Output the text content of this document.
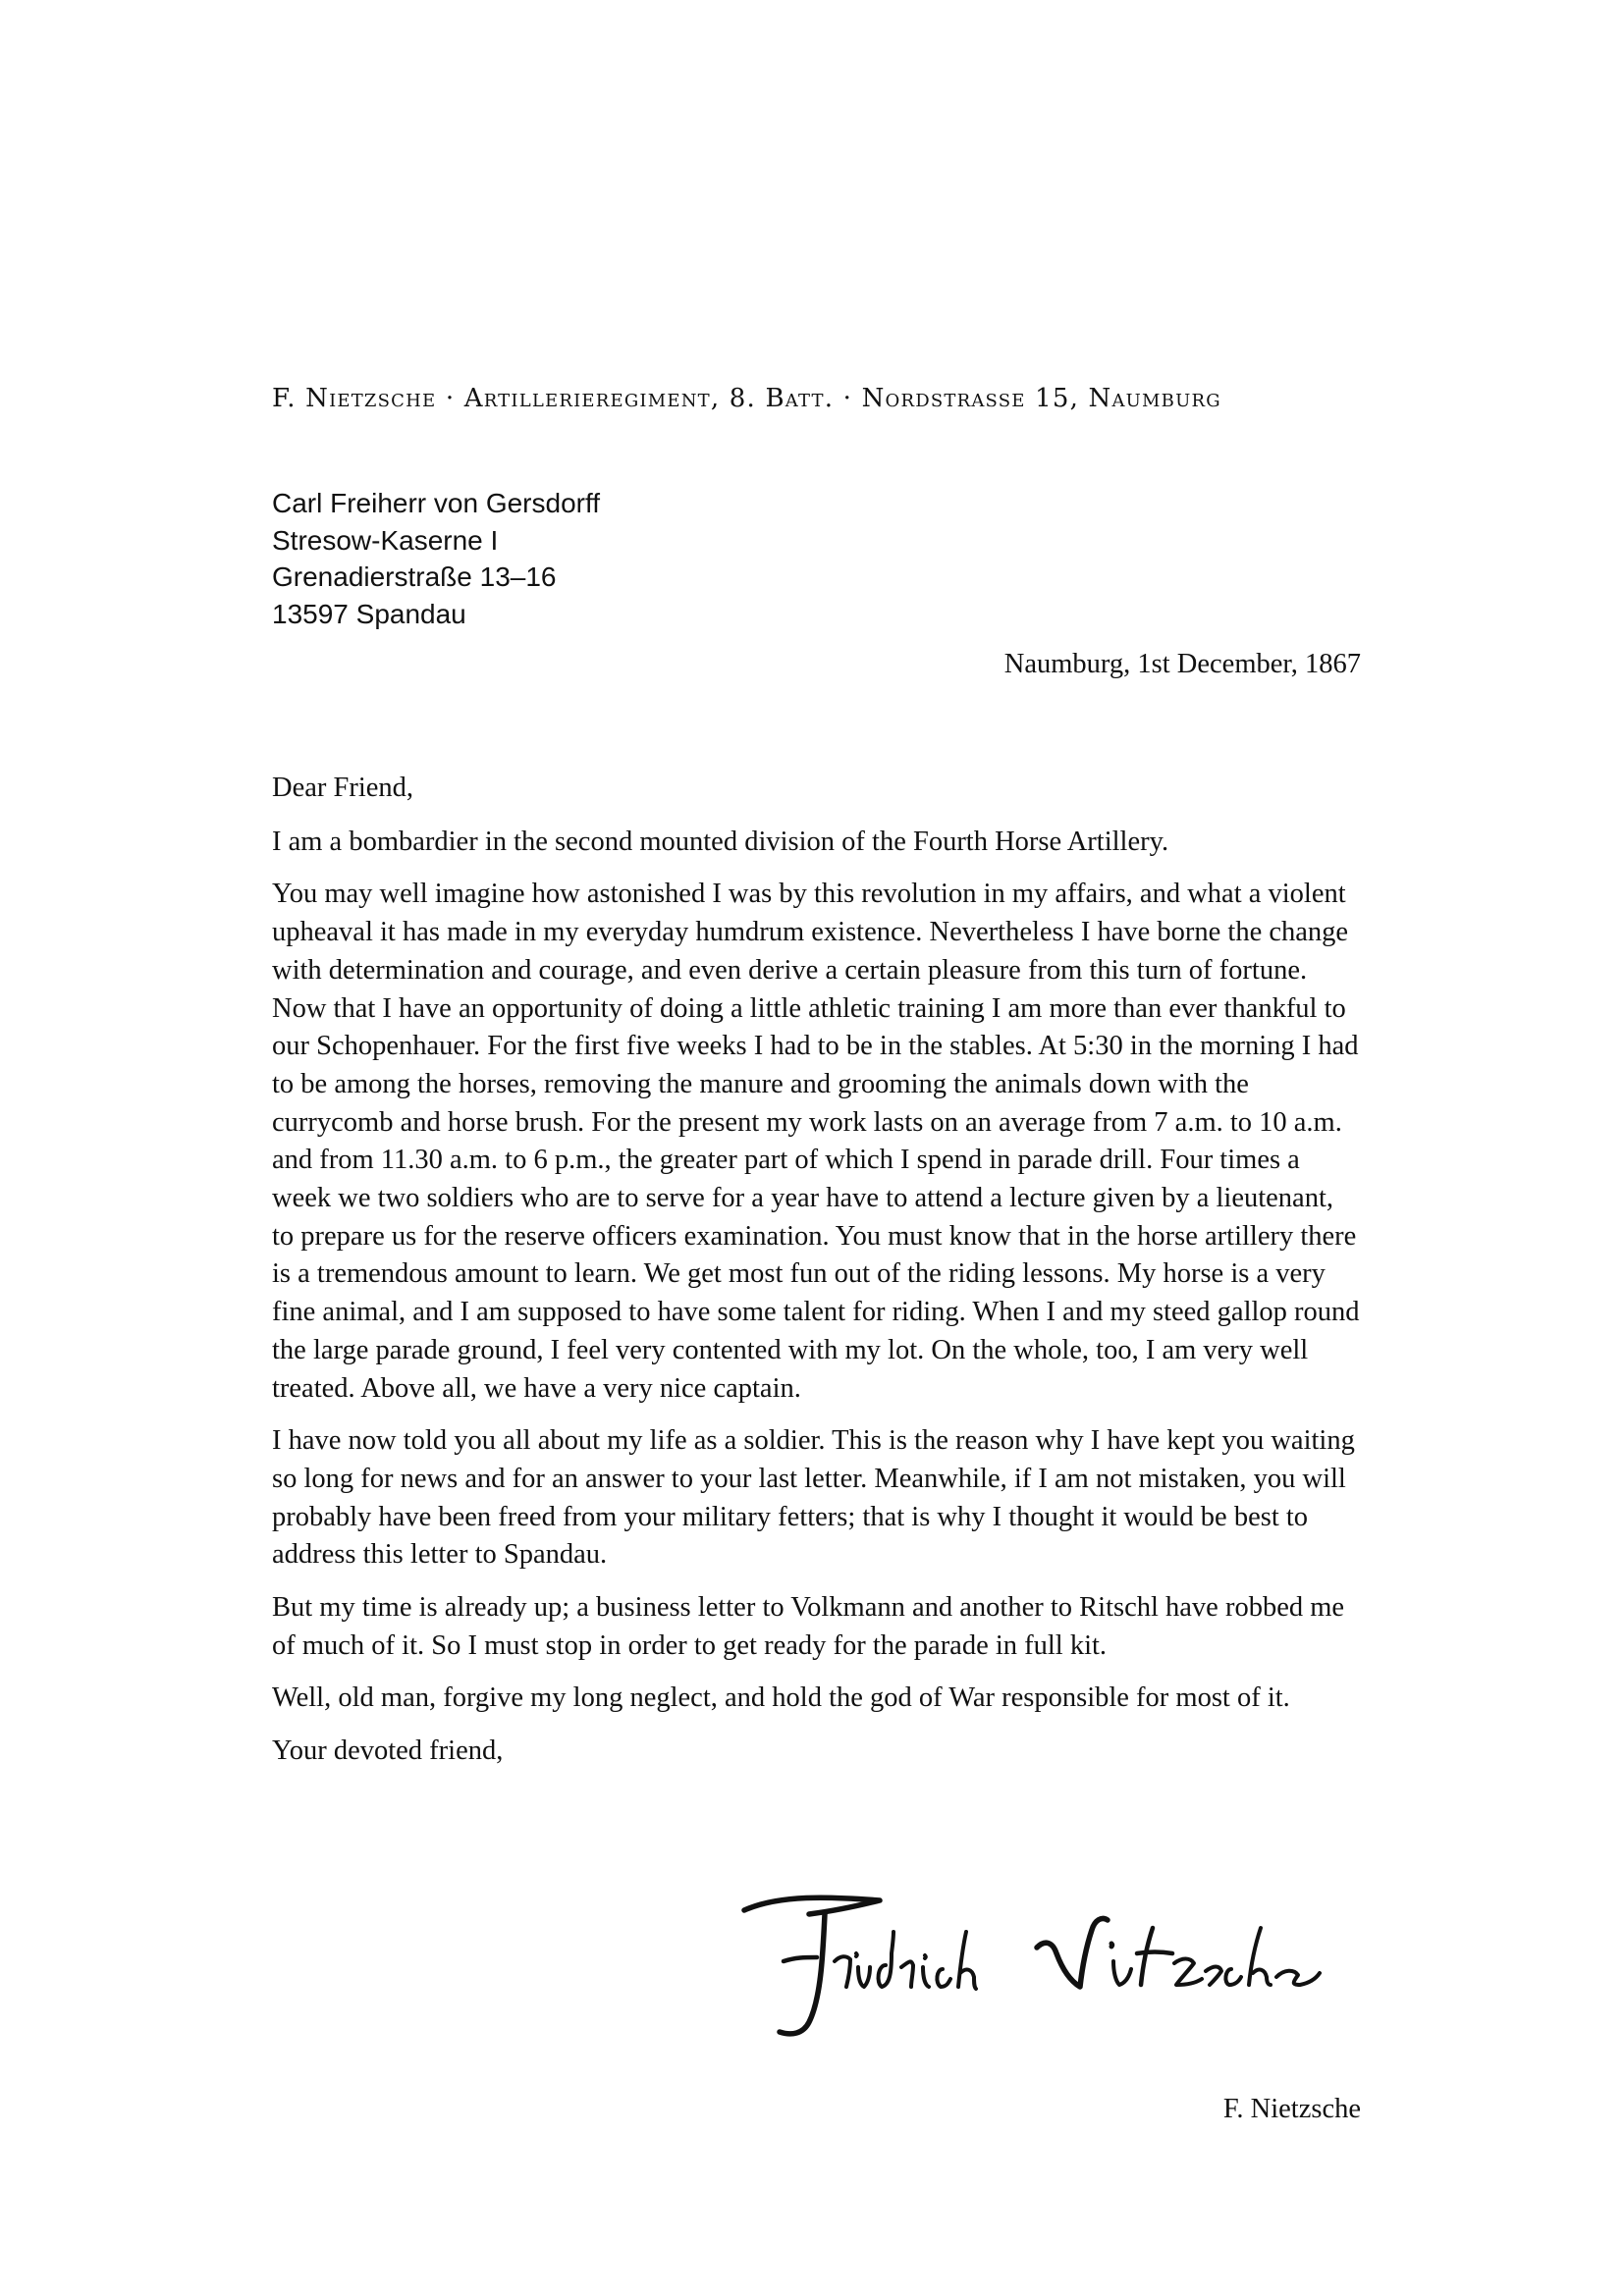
F. Nietzsche · Artillerieregiment, 8. Batt. · Nordstrasse 15, Naumburg
Carl Freiherr von Gersdorff
Stresow-Kaserne I
Grenadierstraße 13–16
13597 Spandau
Naumburg, 1st December, 1867
Dear Friend,

I am a bombardier in the second mounted division of the Fourth Horse Artillery.

You may well imagine how astonished I was by this revolution in my affairs, and what a violent upheaval it has made in my everyday humdrum existence. Nevertheless I have borne the change with determination and courage, and even derive a certain pleasure from this turn of fortune. Now that I have an opportunity of doing a little athletic training I am more than ever thankful to our Schopenhauer. For the first five weeks I had to be in the stables. At 5:30 in the morning I had to be among the horses, removing the manure and grooming the animals down with the currycomb and horse brush. For the present my work lasts on an average from 7 a.m. to 10 a.m. and from 11.30 a.m. to 6 p.m., the greater part of which I spend in parade drill. Four times a week we two soldiers who are to serve for a year have to attend a lecture given by a lieutenant, to prepare us for the reserve officers examination. You must know that in the horse artillery there is a tremendous amount to learn. We get most fun out of the riding lessons. My horse is a very fine animal, and I am supposed to have some talent for riding. When I and my steed gallop round the large parade ground, I feel very contented with my lot. On the whole, too, I am very well treated. Above all, we have a very nice captain.

I have now told you all about my life as a soldier. This is the reason why I have kept you waiting so long for news and for an answer to your last letter. Meanwhile, if I am not mistaken, you will probably have been freed from your military fetters; that is why I thought it would be best to address this letter to Spandau.

But my time is already up; a business letter to Volkmann and another to Ritschl have robbed me of much of it. So I must stop in order to get ready for the parade in full kit.

Well, old man, forgive my long neglect, and hold the god of War responsible for most of it.

Your devoted friend,
F. Nietzsche
